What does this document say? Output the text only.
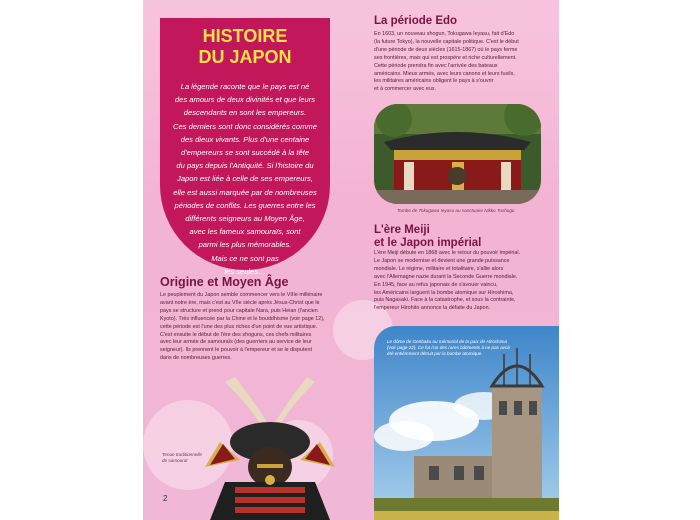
HISTOIRE
DU JAPON

La légende raconte que le pays est né
des amours de deux divinités et que leurs
descendants en sont les empereurs.
Ces derniers sont donc considérés comme
des dieux vivants. Plus d'une centaine
d'empereurs se sont succédé à la tête
du pays depuis l'Antiquité. Si l'histoire du
Japon est liée à celle de ses empereurs,
elle est aussi marquée par de nombreuses
périodes de conflits. Les guerres entre les
différents seigneurs au Moyen Âge,
avec les fameux samouraïs, sont
parmi les plus mémorables.
Mais ce ne sont pas
les seules…

Origine et Moyen Âge

Le peuplement du Japon semble commencer vers le VIIIe millénaire
avant notre ère, mais c'est au VIIe siècle après Jésus-Christ que le
pays se structure et prend pour capitale Nara, puis Heian (l'ancien
Kyoto). Très influencée par la Chine et le bouddhisme (voir page 12),
cette période est l'une des plus riches d'un point de vue artistique.
C'est ensuite le début de l'ère des shoguns, ces chefs militaires
avec leur armée de samouraïs (des guerriers au service de leur
seigneur). Ils prennent le pouvoir à l'empereur et se le disputent
dans de nombreuses guerres.

Tenue traditionnelle
de samouraï

2
La période Edo

En 1603, un nouveau shogun, Tokugawa Ieyasu, fait d'Edo
(la future Tokyo), la nouvelle capitale politique. C'est le début
d'une période de deux siècles (1615-1867) où le pays ferme
ses frontières, mais qui est prospère et riche culturellement.
Cette période prendra fin avec l'arrivée des bateaux
américains. Mieux armés, avec leurs canons et leurs fusils,
les militaires américains obligent le pays à s'ouvrir
et à commercer avec eux.

Tombe de Tokugawa Ieyasu au sanctuaire Nikko Toshogu

L'ère Meiji
et le Japon impérial

L'ère Meiji débute en 1868 avec le retour du pouvoir impérial.
Le Japon se modernise et devient une grande puissance
mondiale. Le régime, militaire et totalitaire, s'allie alors
avec l'Allemagne nazie durant la Seconde Guerre mondiale.
En 1945, face au refus japonais de s'avouer vaincu,
les Américains larguent la bombe atomique sur Hiroshima,
puis Nagasaki. Face à la catastrophe, et sous la contrainte,
l'empereur Hirohito annonce la défaite du Japon.

Le dôme de Genbaku ou mémorial de la paix de Hiroshima
(voir page 22). Ce fut l'un des rares bâtiments à ne pas avoir
été entièrement détruit par la bombe atomique.
